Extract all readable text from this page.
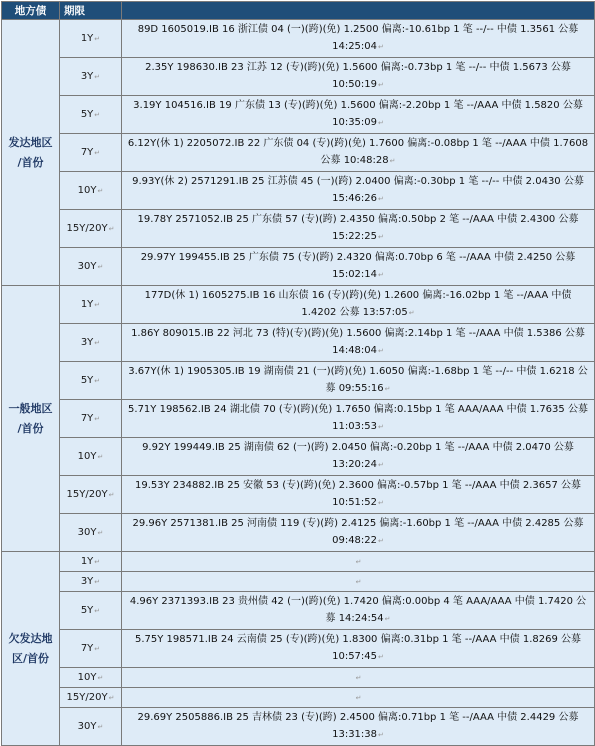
地方债	期限	
发达地区
/首份	1Y↵	89D 1605019.IB 16 浙江债 04 (一)(跨)(免) 1.2500 偏离:-10.61bp 1 笔 --/-- 中债 1.3561 公募 14:25:04↵
	3Y↵	2.35Y 198630.IB 23 江苏 12 (专)(跨)(免) 1.5600 偏离:-0.73bp 1 笔 --/-- 中债 1.5673 公募 10:50:19↵
	5Y↵	3.19Y 104516.IB 19 广东债 13 (专)(跨)(免) 1.5600 偏离:-2.20bp 1 笔 --/AAA 中债 1.5820 公募 10:35:09↵
	7Y↵	6.12Y(休 1) 2205072.IB 22 广东债 04 (专)(跨)(免) 1.7600 偏离:-0.08bp 1 笔 --/AAA 中债 1.7608 公募 10:48:28↵
	10Y↵	9.93Y(休 2) 2571291.IB 25 江苏债 45 (一)(跨) 2.0400 偏离:-0.30bp 1 笔 --/-- 中债 2.0430 公募 15:46:26↵
	15Y/20Y↵	19.78Y 2571052.IB 25 广东债 57 (专)(跨) 2.4350 偏离:0.50bp 2 笔 --/AAA 中债 2.4300 公募 15:22:25↵
	30Y↵	29.97Y 199455.IB 25 广东债 75 (专)(跨) 2.4320 偏离:0.70bp 6 笔 --/AAA 中债 2.4250 公募 15:02:14↵
一般地区
/首份	1Y↵	177D(休 1) 1605275.IB 16 山东债 16 (专)(跨)(免) 1.2600 偏离:-16.02bp 1 笔 --/AAA 中债 1.4202 公募 13:57:05↵
	3Y↵	1.86Y 809015.IB 22 河北 73 (特)(专)(跨)(免) 1.5600 偏离:2.14bp 1 笔 --/AAA 中债 1.5386 公募 14:48:04↵
	5Y↵	3.67Y(休 1) 1905305.IB 19 湖南债 21 (一)(跨)(免) 1.6050 偏离:-1.68bp 1 笔 --/-- 中债 1.6218 公募 09:55:16↵
	7Y↵	5.71Y 198562.IB 24 湖北债 70 (专)(跨)(免) 1.7650 偏离:0.15bp 1 笔 AAA/AAA 中债 1.7635 公募 11:03:53↵
	10Y↵	9.92Y 199449.IB 25 湖南债 62 (一)(跨) 2.0450 偏离:-0.20bp 1 笔 --/AAA 中债 2.0470 公募 13:20:24↵
	15Y/20Y↵	19.53Y 234882.IB 25 安徽 53 (专)(跨)(免) 2.3600 偏离:-0.57bp 1 笔 --/AAA 中债 2.3657 公募 10:51:52↵
	30Y↵	29.96Y 2571381.IB 25 河南债 119 (专)(跨) 2.4125 偏离:-1.60bp 1 笔 --/AAA 中债 2.4285 公募 09:48:22↵
欠发达地
区/首份	1Y↵	↵
	3Y↵	↵
	5Y↵	4.96Y 2371393.IB 23 贵州债 42 (一)(跨)(免) 1.7420 偏离:0.00bp 4 笔 AAA/AAA 中债 1.7420 公募 14:24:54↵
	7Y↵	5.75Y 198571.IB 24 云南债 25 (专)(跨)(免) 1.8300 偏离:0.31bp 1 笔 --/AAA 中债 1.8269 公募 10:57:45↵
	10Y↵	↵
	15Y/20Y↵	↵
	30Y↵	29.69Y 2505886.IB 25 吉林债 23 (专)(跨) 2.4500 偏离:0.71bp 1 笔 --/AAA 中债 2.4429 公募 13:31:38↵
